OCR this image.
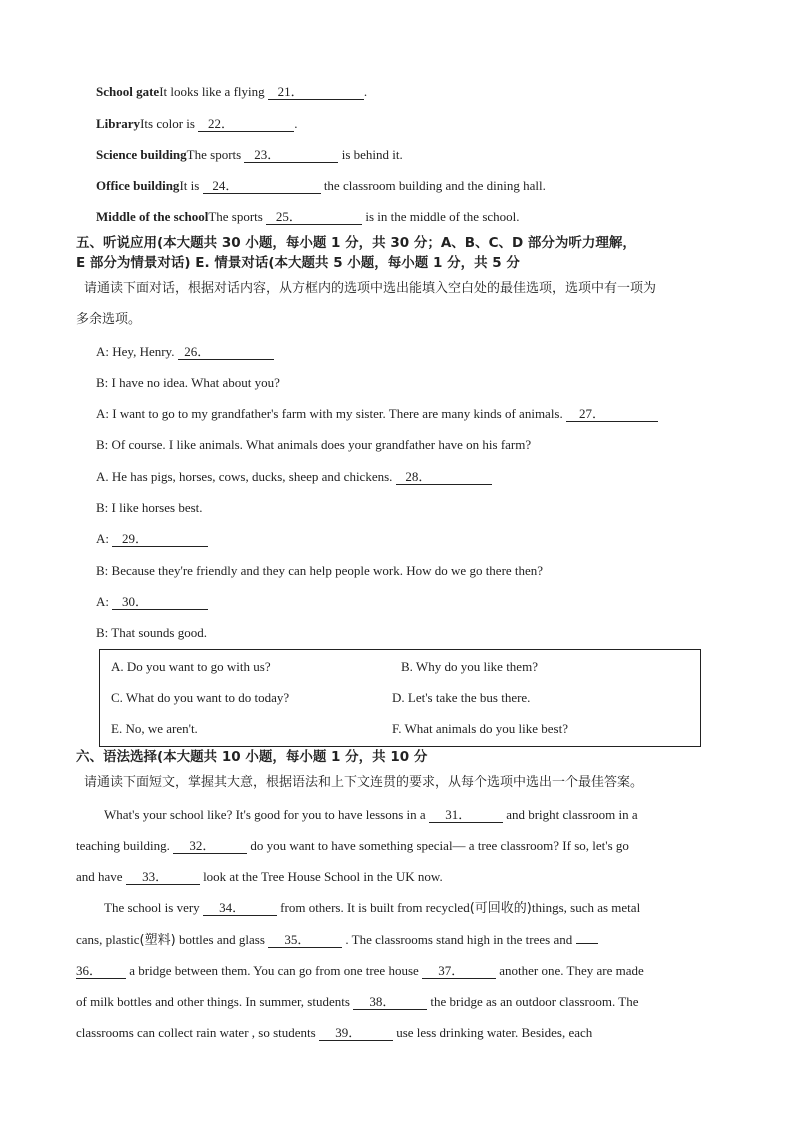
School gateIt looks like a flying    21．	.
LibraryIts color is    22．	.
Science buildingThe sports    23．	is behind it.
Office buildingIt is    24．	the classroom building and the dining hall.
Middle of the schoolThe sports    25．	is in the middle of the school.
五、听说应用(本大题共 30 小题，每小题 1 分，共 30 分；A、B、C、D 部分为听力理解，
E 部分为情景对话) E. 情景对话(本大题共 5 小题，每小题 1 分，共 5 分
请通读下面对话，根据对话内容，从方框内的选项中选出能填入空白处的最佳选项，选项中有一项为
多余选项。
A: Hey, Henry.   26．
B: I have no idea. What about you?
A: I want to go to my grandfather's farm with my sister. There are many kinds of animals.     27．
B: Of course. I like animals. What animals does your grandfather have on his farm?
A. He has pigs, horses, cows, ducks, sheep and chickens.    28．
B: I like horses best.
A:    29．
B: Because they're friendly and they can help people work. How do we go there then?
A:    30．
B: That sounds good.
A. Do you want to go with us?	B. Why do you like them?
C. What do you want to do today?	D. Let's take the bus there.
E. No, we aren't.	F. What animals do you like best?
六、语法选择(本大题共 10 小题，每小题 1 分，共 10 分
请通读下面短文，掌握其大意，根据语法和上下文连贯的要求，从每个选项中选出一个最佳答案。
What's your school like? It's good for you to have lessons in a      31． and bright classroom in a
teaching building.      32． do you want to have something special— a tree classroom? If so, let's go
and have      33． look at the Tree House School in the UK now.
The school is very      34． from others. It is built from recycled(可回收的)things, such as metal
cans, plastic(塑料) bottles and glass      35． . The classrooms stand high in the trees and
36． a bridge between them. You can go from one tree house      37． another one. They are made
of milk bottles and other things. In summer, students      38． the bridge as an outdoor classroom. The
classrooms can collect rain water , so students      39． use less drinking water. Besides, each
